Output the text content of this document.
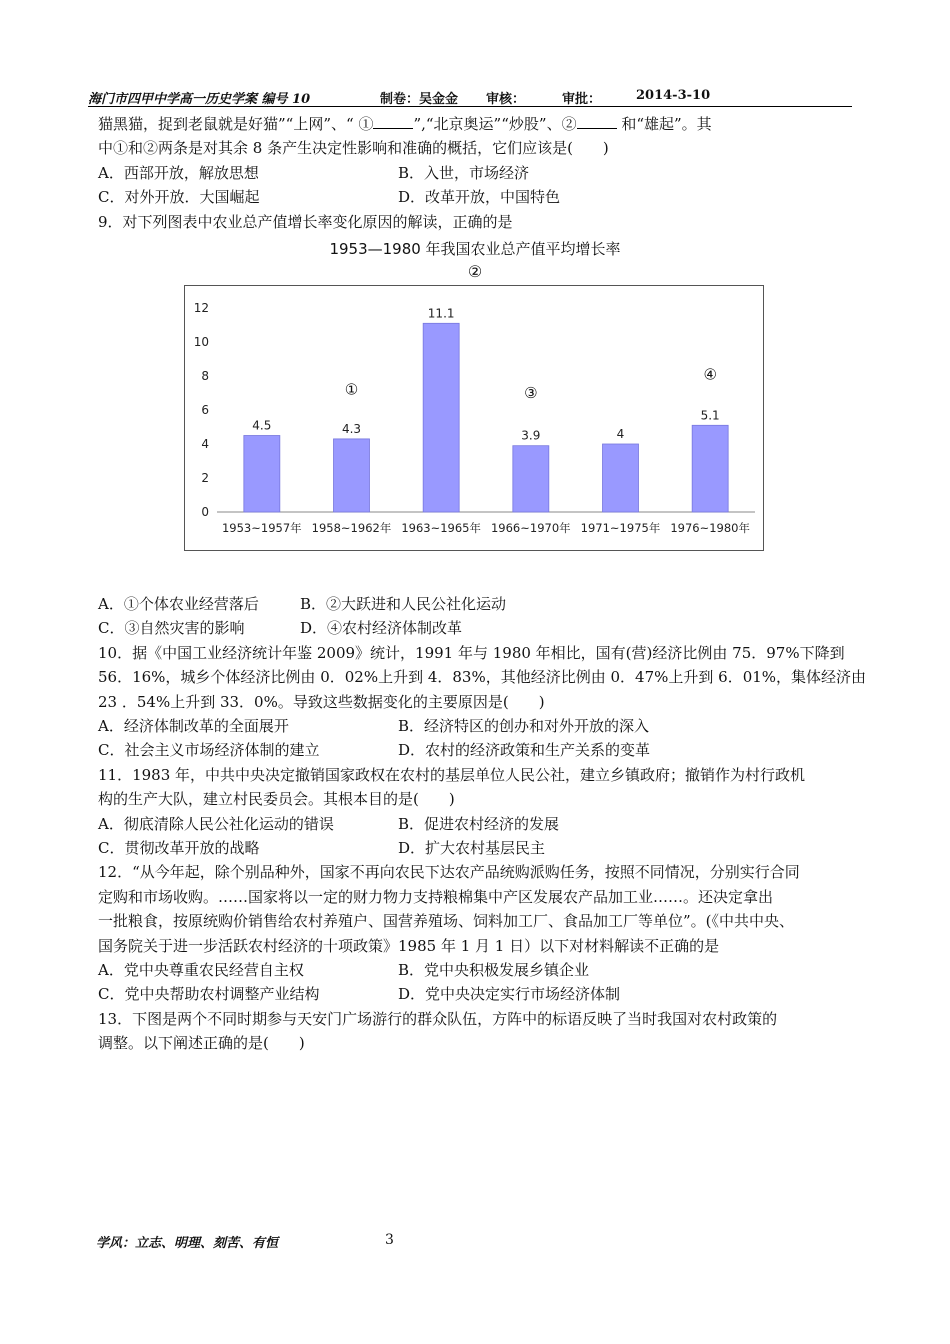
海门市四甲中学高一历史学案 编号 10	制卷：吴金金 审核：	审批：	2014-3-10

猫黑猫，捉到老鼠就是好猫”“上网”、“ ①	”,“北京奥运”“炒股”、②	和“雄起”。其

中①和②两条是对其余 8 条产生决定性影响和准确的概括，它们应该是(　　)

A．西部开放，解放思想	B．入世，市场经济
C．对外开放．大国崛起	D．改革开放，中国特色

9．对下列图表中农业总产值增长率变化原因的解读，正确的是

1953—1980 年我国农业总产值平均增长率
②
0
2
4
6
8
10
12
4.5
1953~1957年
4.3
1958~1962年
11.1
1963~1965年
3.9
1966~1970年
4
1971~1975年
5.1
1976~1980年
①	③
④
A．①个体农业经营落后	B．②大跃进和人民公社化运动
C．③自然灾害的影响	D．④农村经济体制改革

10．据《中国工业经济统计年鉴 2009》统计，1991 年与 1980 年相比，国有(营)经济比例由 75．97%下降到

56．16%，城乡个体经济比例由 0．02%上升到 4．83%，其他经济比例由 0．47%上升到 6．01%，集体经济由

23 ．54%上升到 33．0%。导致这些数据变化的主要原因是(　　)

A．经济体制改革的全面展开	B．经济特区的创办和对外开放的深入
C．社会主义市场经济体制的建立	D．农村的经济政策和生产关系的变革

11．1983 年，中共中央决定撤销国家政权在农村的基层单位人民公社，建立乡镇政府；撤销作为村行政机

构的生产大队，建立村民委员会。其根本目的是(　　)

A．彻底清除人民公社化运动的错误	B．促进农村经济的发展
C．贯彻改革开放的战略	D．扩大农村基层民主

12．“从今年起，除个别品种外，国家不再向农民下达农产品统购派购任务，按照不同情况，分别实行合同

定购和市场收购。……国家将以一定的财力物力支持粮棉集中产区发展农产品加工业……。还决定拿出

一批粮食，按原统购价销售给农村养殖户、国营养殖场、饲料加工厂、食品加工厂等单位”。(《中共中央、

国务院关于进一步活跃农村经济的十项政策》1985 年 1 月 1 日）以下对材料解读不正确的是

A．党中央尊重农民经营自主权	B．党中央积极发展乡镇企业
C．党中央帮助农村调整产业结构	D．党中央决定实行市场经济体制

13．下图是两个不同时期参与天安门广场游行的群众队伍，方阵中的标语反映了当时我国对农村政策的

调整。以下阐述正确的是(　　)

学风：立志、明理、刻苦、有恒	3
